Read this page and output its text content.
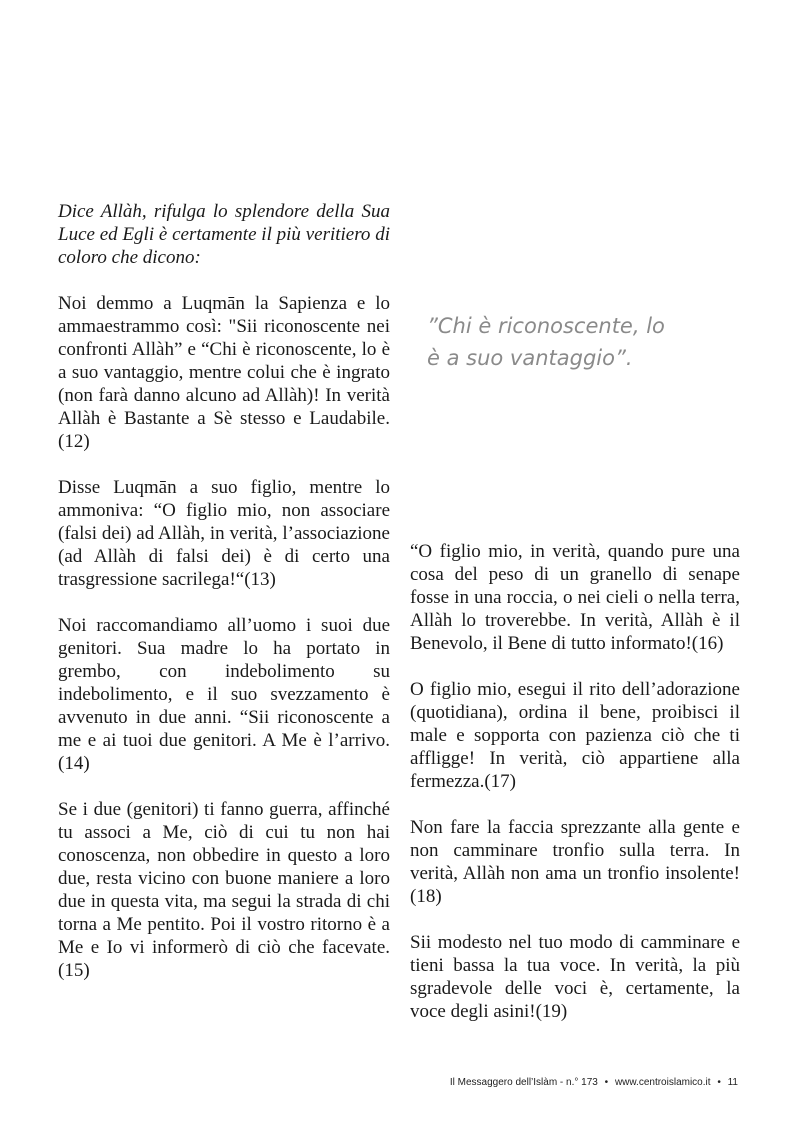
Dice Allàh, rifulga lo splendore della Sua Luce ed Egli è certamente il più veritiero di coloro che dicono:

Noi demmo a Luqmān la Sapienza e lo ammaestrammo così: "Sii riconoscente nei confronti Allàh” e “Chi è riconoscente, lo è a suo vantaggio, mentre colui che è ingrato (non farà danno alcuno ad Allàh)! In verità Allàh è Bastante a Sè stesso e Laudabile.(12)

Disse Luqmān a suo figlio, mentre lo ammoniva: “O figlio mio, non associare (falsi dei) ad Allàh, in verità, l’associazione (ad Allàh di falsi dei) è di certo una trasgressione sacrilega!“(13)

Noi raccomandiamo all’uomo i suoi due genitori. Sua madre lo ha portato in grembo, con indebolimento su indebolimento, e il suo svezzamento è avvenuto in due anni. “Sii riconoscente a me e ai tuoi due genitori. A Me è l’arrivo.(14)

Se i due (genitori) ti fanno guerra, affinché tu associ a Me, ciò di cui tu non hai conoscenza, non obbedire in questo a loro due, resta vicino con buone maniere a loro due in questa vita, ma segui la strada di chi torna a Me pentito. Poi il vostro ritorno è a Me e Io vi informerò di ciò che facevate.(15)

”Chi è riconoscente, lo è a suo vantaggio”.

“O figlio mio, in verità, quando pure una cosa del peso di un granello di senape fosse in una roccia, o nei cieli o nella terra, Allàh lo troverebbe. In verità, Allàh è il Benevolo, il Bene di tutto informato!(16)

O figlio mio, esegui il rito dell’adorazione (quotidiana), ordina il bene, proibisci il male e sopporta con pazienza ciò che ti affligge! In verità, ciò appartiene alla fermezza.(17)

Non fare la faccia sprezzante alla gente e non camminare tronfio sulla terra. In verità, Allàh non ama un tronfio insolente!(18)

Sii modesto nel tuo modo di camminare e tieni bassa la tua voce. In verità, la più sgradevole delle voci è, certamente, la voce degli asini!(19)

Il Messaggero dell’Islàm - n.° 173 • www.centroislamico.it • 11
